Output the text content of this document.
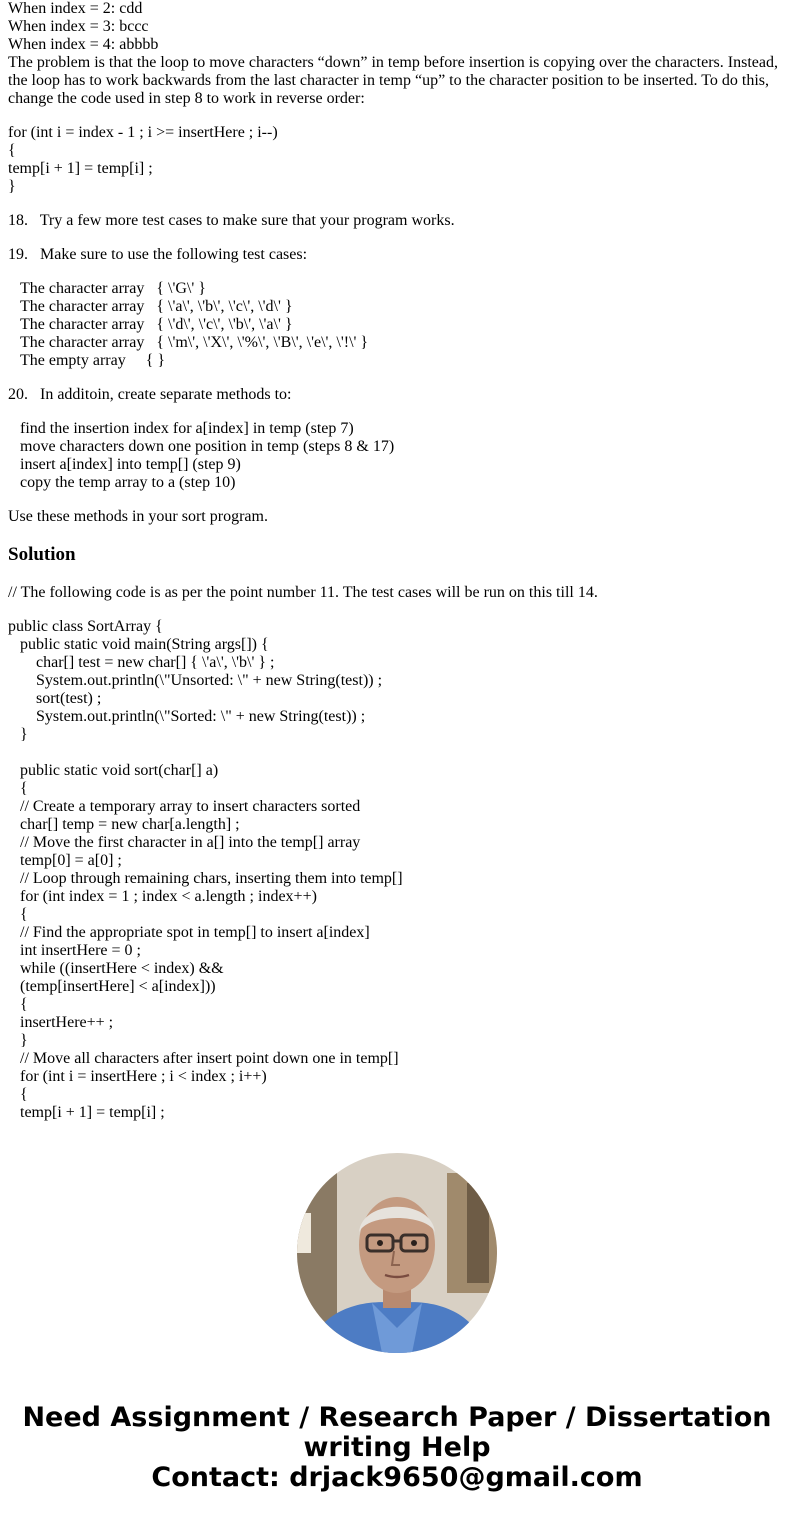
When index = 2: cdd
When index = 3: bccc
When index = 4: abbbb
The problem is that the loop to move characters “down” in temp before insertion is copying over the characters. Instead, the loop has to work backwards from the last character in temp “up” to the character position to be inserted. To do this, change the code used in step 8 to work in reverse order:
for (int i = index - 1 ; i >= insertHere ; i--)
{
temp[i + 1] = temp[i] ;
}
18.   Try a few more test cases to make sure that your program works.
19.   Make sure to use the following test cases:
The character array   { \'G\' }
The character array   { \'a\', \'b\', \'c\', \'d\' }
The character array   { \'d\', \'c\', \'b\', \'a\' }
The character array   { \'m\', \'X\', \'%\', \'B\', \'e\', \'!\' }
The empty array     { }
20.   In additoin, create separate methods to:
find the insertion index for a[index] in temp (step 7)
move characters down one position in temp (steps 8 & 17)
insert a[index] into temp[] (step 9)
copy the temp array to a (step 10)
Use these methods in your sort program.
Solution
// The following code is as per the point number 11. The test cases will be run on this till 14.
public class SortArray {
public static void main(String args[]) {
char[] test = new char[] { \'a\', \'b\' } ;
System.out.println(\"Unsorted: \" + new String(test)) ;
sort(test) ;
System.out.println(\"Sorted: \" + new String(test)) ;
}
public static void sort(char[] a)
{
// Create a temporary array to insert characters sorted
char[] temp = new char[a.length] ;
// Move the first character in a[] into the temp[] array
temp[0] = a[0] ;
// Loop through remaining chars, inserting them into temp[]
for (int index = 1 ; index < a.length ; index++)
{
// Find the appropriate spot in temp[] to insert a[index]
int insertHere = 0 ;
while ((insertHere < index) &&
(temp[insertHere] < a[index]))
{
insertHere++ ;
}
// Move all characters after insert point down one in temp[]
for (int i = insertHere ; i < index ; i++)
{
temp[i + 1] = temp[i] ;
Need Assignment / Research Paper / Dissertation
writing Help
Contact: drjack9650@gmail.com
